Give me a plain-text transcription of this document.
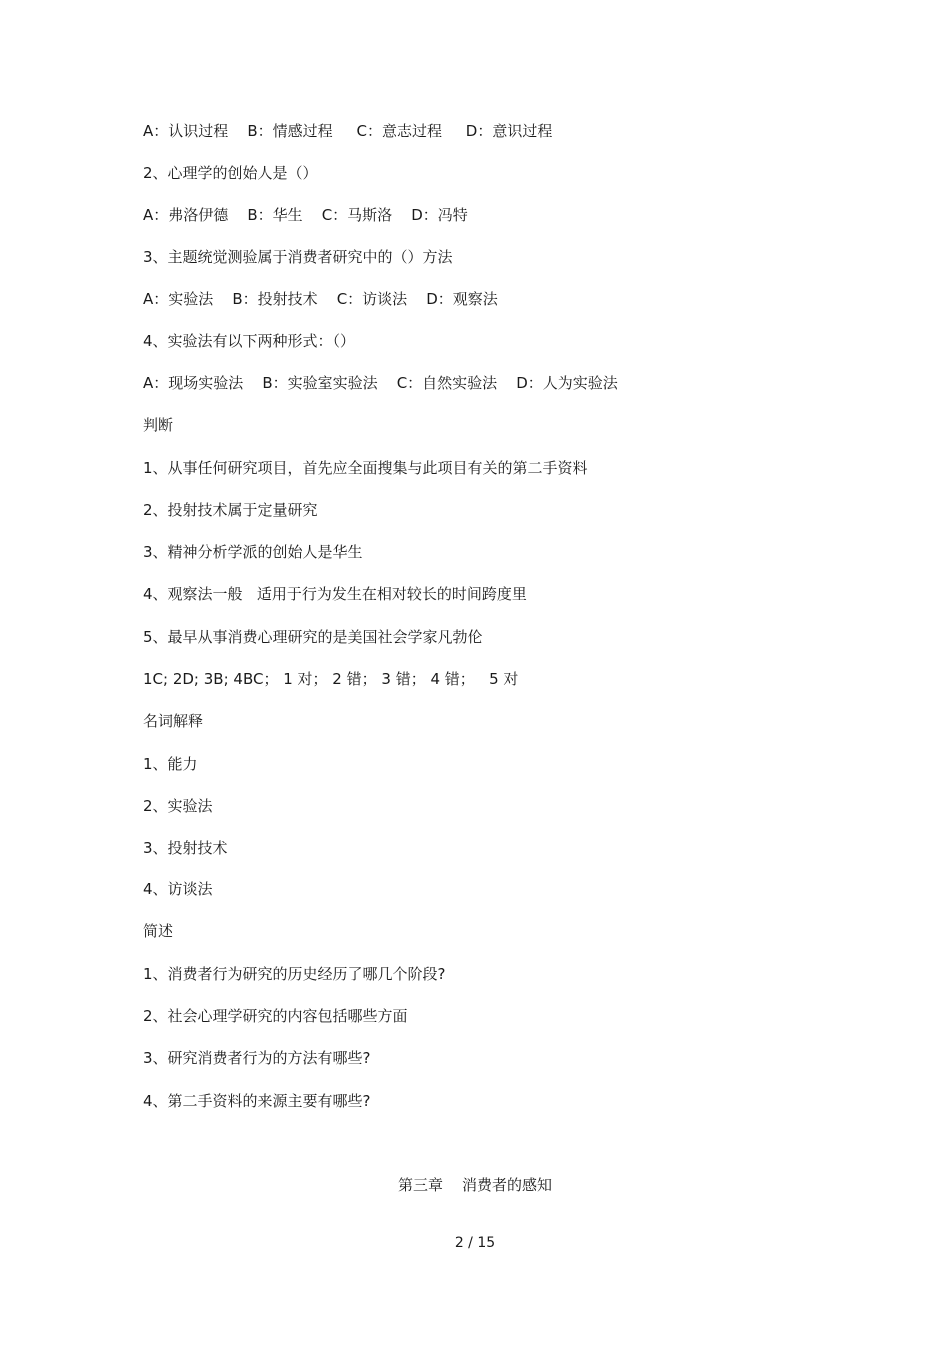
A：认识过程    B：情感过程     C：意志过程     D：意识过程
2、心理学的创始人是（）
A：弗洛伊德    B：华生    C：马斯洛    D：冯特
3、主题统觉测验属于消费者研究中的（）方法
A：实验法    B：投射技术    C：访谈法    D：观察法
4、实验法有以下两种形式：（）
A：现场实验法    B：实验室实验法    C：自然实验法    D：人为实验法
判断
1、从事任何研究项目，首先应全面搜集与此项目有关的第二手资料
2、投射技术属于定量研究
3、精神分析学派的创始人是华生
4、观察法一般   适用于行为发生在相对较长的时间跨度里
5、最早从事消费心理研究的是美国社会学家凡勃伦
1C; 2D; 3B; 4BC； 1 对； 2 错； 3 错； 4 错；   5 对
名词解释
1、能力
2、实验法
3、投射技术
4、访谈法
简述
1、消费者行为研究的历史经历了哪几个阶段?
2、社会心理学研究的内容包括哪些方面
3、研究消费者行为的方法有哪些?
4、第二手资料的来源主要有哪些?
第三章    消费者的感知
2 / 15
